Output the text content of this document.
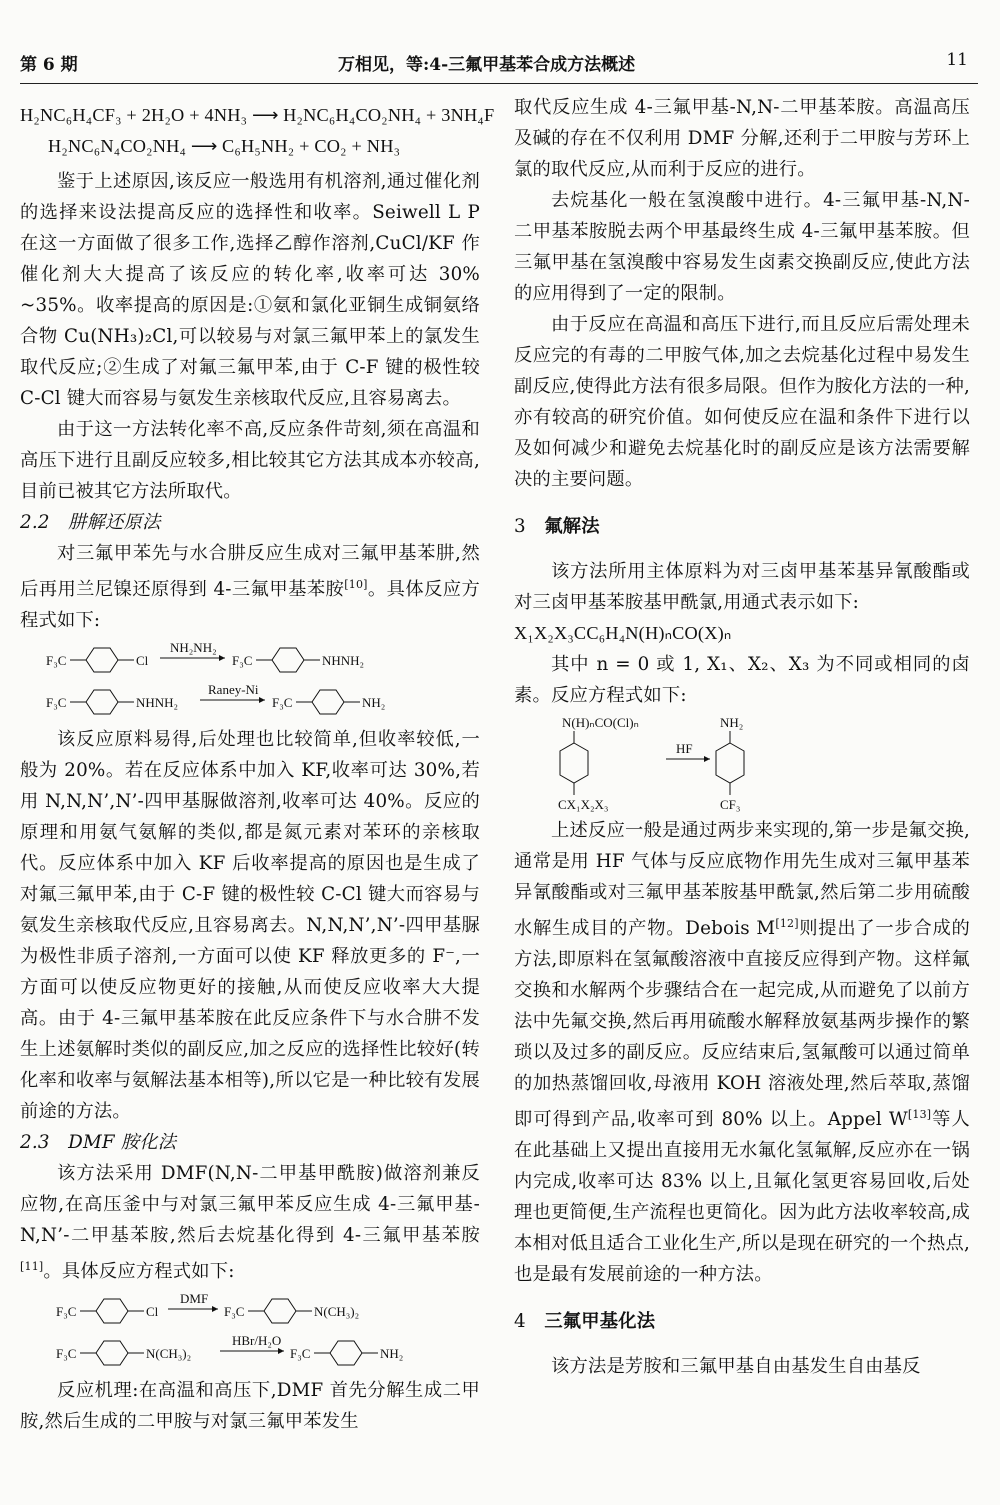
第 6 期	万相见，等:4-三氟甲基苯合成方法概述	11

H₂NC₆H₄CF₃ + 2H₂O + 4NH₃ ⟶ H₂NC₆H₄CO₂NH₄ + 3NH₄F

H₂NC₆N₄CO₂NH₄ ⟶ C₆H₅NH₂ + CO₂ + NH₃

鉴于上述原因,该反应一般选用有机溶剂,通过催化剂的选择来设法提高反应的选择性和收率。Seiwell L P 在这一方面做了很多工作,选择乙醇作溶剂,CuCl/KF 作催化剂大大提高了该反应的转化率,收率可达 30% ~35%。收率提高的原因是:①氨和氯化亚铜生成铜氨络合物 Cu(NH₃)₂Cl,可以较易与对氯三氟甲苯上的氯发生取代反应;②生成了对氟三氟甲苯,由于 C-F 键的极性较 C-Cl 键大而容易与氨发生亲核取代反应,且容易离去。

由于这一方法转化率不高,反应条件苛刻,须在高温和高压下进行且副反应较多,相比较其它方法其成本亦较高,目前已被其它方法所取代。

2.2　肼解还原法

对三氟甲苯先与水合肼反应生成对三氟甲基苯肼,然后再用兰尼镍还原得到 4-三氟甲基苯胺[10]。具体反应方程式如下:

F₃C	Cl
NH₂NH₂
F₃C	NHNH₂
F₃C	NHNH₂
Raney-Ni
F₃C	NH₂

该反应原料易得,后处理也比较简单,但收率较低,一般为 20%。若在反应体系中加入 KF,收率可达 30%,若用 N,N,N’,N’-四甲基脲做溶剂,收率可达 40%。反应的原理和用氨气氨解的类似,都是氮元素对苯环的亲核取代。反应体系中加入 KF 后收率提高的原因也是生成了对氟三氟甲苯,由于 C-F 键的极性较 C-Cl 键大而容易与氨发生亲核取代反应,且容易离去。N,N,N’,N’-四甲基脲为极性非质子溶剂,一方面可以使 KF 释放更多的 F⁻,一方面可以使反应物更好的接触,从而使反应收率大大提高。由于 4-三氟甲基苯胺在此反应条件下与水合肼不发生上述氨解时类似的副反应,加之反应的选择性比较好(转化率和收率与氨解法基本相等),所以它是一种比较有发展前途的方法。

2.3　DMF 胺化法

该方法采用 DMF(N,N-二甲基甲酰胺)做溶剂兼反应物,在高压釜中与对氯三氟甲苯反应生成 4-三氟甲基-N,N’-二甲基苯胺,然后去烷基化得到 4-三氟甲基苯胺[11]。具体反应方程式如下:

F₃C	Cl
DMF
F₃C	N(CH₃)₂
F₃C	N(CH₃)₂
HBr/H₂O
F₃C	NH₂

反应机理:在高温和高压下,DMF 首先分解生成二甲胺,然后生成的二甲胺与对氯三氟甲苯发生

取代反应生成 4-三氟甲基-N,N-二甲基苯胺。高温高压及碱的存在不仅利用 DMF 分解,还利于二甲胺与芳环上氯的取代反应,从而利于反应的进行。

去烷基化一般在氢溴酸中进行。4-三氟甲基-N,N-二甲基苯胺脱去两个甲基最终生成 4-三氟甲基苯胺。但三氟甲基在氢溴酸中容易发生卤素交换副反应,使此方法的应用得到了一定的限制。

由于反应在高温和高压下进行,而且反应后需处理未反应完的有毒的二甲胺气体,加之去烷基化过程中易发生副反应,使得此方法有很多局限。但作为胺化方法的一种,亦有较高的研究价值。如何使反应在温和条件下进行以及如何减少和避免去烷基化时的副反应是该方法需要解决的主要问题。

3　 氟解法

该方法所用主体原料为对三卤甲基苯基异氰酸酯或对三卤甲基苯胺基甲酰氯,用通式表示如下:

X₁X₂X₃CC₆H₄N(H)ₙCO(X)ₙ

其中 n = 0 或 1, X₁、X₂、X₃ 为不同或相同的卤素。反应方程式如下:

N(H)ₙCO(Cl)ₙ
CX₁X₂X₃
HF
NH₂
CF₃

上述反应一般是通过两步来实现的,第一步是氟交换,通常是用 HF 气体与反应底物作用先生成对三氟甲基苯异氰酸酯或对三氟甲基苯胺基甲酰氯,然后第二步用硫酸水解生成目的产物。Debois M[12]则提出了一步合成的方法,即原料在氢氟酸溶液中直接反应得到产物。这样氟交换和水解两个步骤结合在一起完成,从而避免了以前方法中先氟交换,然后再用硫酸水解释放氨基两步操作的繁琐以及过多的副反应。反应结束后,氢氟酸可以通过简单的加热蒸馏回收,母液用 KOH 溶液处理,然后萃取,蒸馏即可得到产品,收率可到 80% 以上。Appel W[13]等人在此基础上又提出直接用无水氟化氢氟解,反应亦在一锅内完成,收率可达 83% 以上,且氟化氢更容易回收,后处理也更简便,生产流程也更简化。因为此方法收率较高,成本相对低且适合工业化生产,所以是现在研究的一个热点,也是最有发展前途的一种方法。

4　 三氟甲基化法

该方法是芳胺和三氟甲基自由基发生自由基反
